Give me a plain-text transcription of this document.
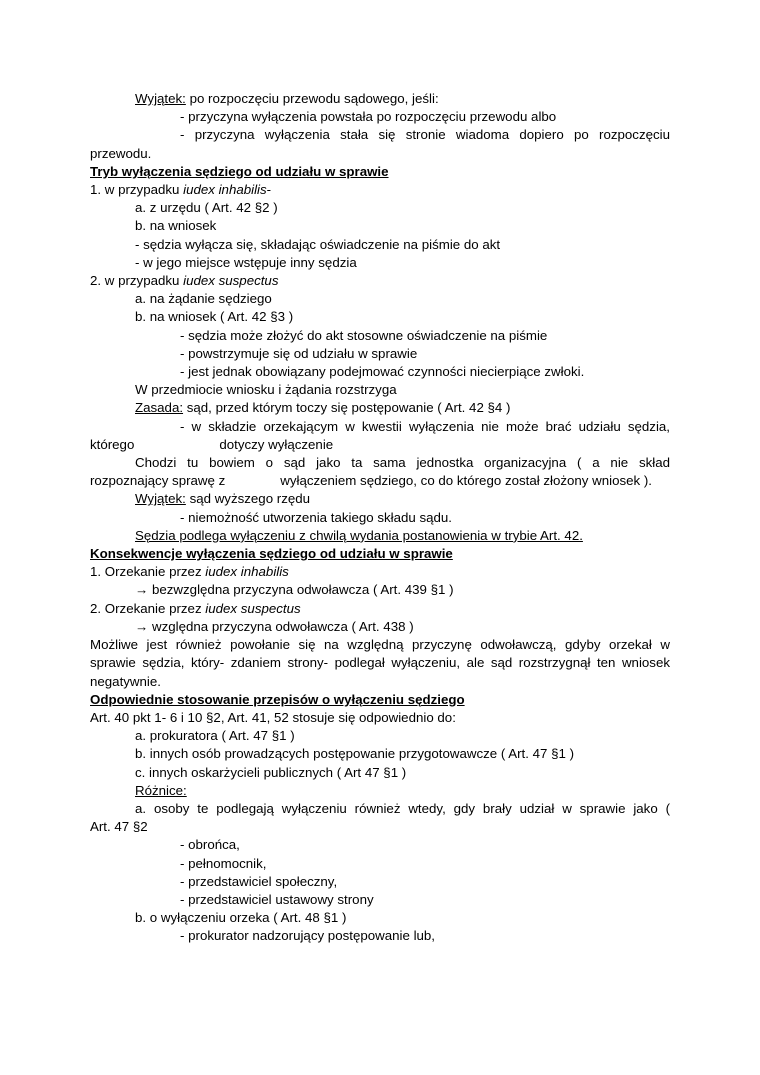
Wyjątek: po rozpoczęciu przewodu sądowego, jeśli:

- przyczyna wyłączenia powstała po rozpoczęciu przewodu albo

- przyczyna wyłączenia stała się stronie wiadoma dopiero po rozpoczęciu

przewodu.

Tryb wyłączenia sędziego od udziału w sprawie

1. w przypadku iudex inhabilis-

a. z urzędu ( Art. 42 §2 )

b. na wniosek

- sędzia wyłącza się, składając oświadczenie na piśmie do akt

- w jego miejsce wstępuje inny sędzia

2. w przypadku iudex suspectus

a. na żądanie sędziego

b. na wniosek ( Art. 42 §3 )

- sędzia może złożyć do akt stosowne oświadczenie na piśmie

- powstrzymuje się od udziału w sprawie

- jest jednak obowiązany podejmować czynności niecierpiące zwłoki.

W przedmiocie wniosku i żądania rozstrzyga

Zasada: sąd, przed którym toczy się postępowanie ( Art. 42 §4 )

- w składzie orzekającym w kwestii wyłączenia nie może brać udziału sędzia,

którego	dotyczy wyłączenie

Chodzi tu bowiem o sąd jako ta sama jednostka organizacyjna ( a nie skład

rozpoznający sprawę z	wyłączeniem sędziego, co do którego został złożony wniosek ).

Wyjątek: sąd wyższego rzędu

- niemożność utworzenia takiego składu sądu.

Sędzia podlega wyłączeniu z chwilą wydania postanowienia w trybie Art. 42.

Konsekwencje wyłączenia sędziego od udziału w sprawie

1. Orzekanie przez iudex inhabilis

→ bezwzględna przyczyna odwoławcza ( Art. 439 §1 )

2. Orzekanie przez iudex suspectus

→ względna przyczyna odwoławcza ( Art. 438 )

Możliwe jest również powołanie się na względną przyczynę odwoławczą, gdyby orzekał w

sprawie sędzia, który- zdaniem strony- podlegał wyłączeniu, ale sąd rozstrzygnął ten wniosek

negatywnie.

Odpowiednie stosowanie przepisów o wyłączeniu sędziego

Art. 40 pkt 1- 6 i 10 §2, Art. 41, 52 stosuje się odpowiednio do:

a. prokuratora ( Art. 47 §1 )

b. innych osób prowadzących postępowanie przygotowawcze ( Art. 47 §1 )

c. innych oskarżycieli publicznych ( Art 47 §1 )

Różnice:

a. osoby te podlegają wyłączeniu również wtedy, gdy brały udział w sprawie jako (

Art. 47 §2

- obrońca,

- pełnomocnik,

- przedstawiciel społeczny,

- przedstawiciel ustawowy strony

b. o wyłączeniu orzeka ( Art. 48 §1 )

- prokurator nadzorujący postępowanie lub,
